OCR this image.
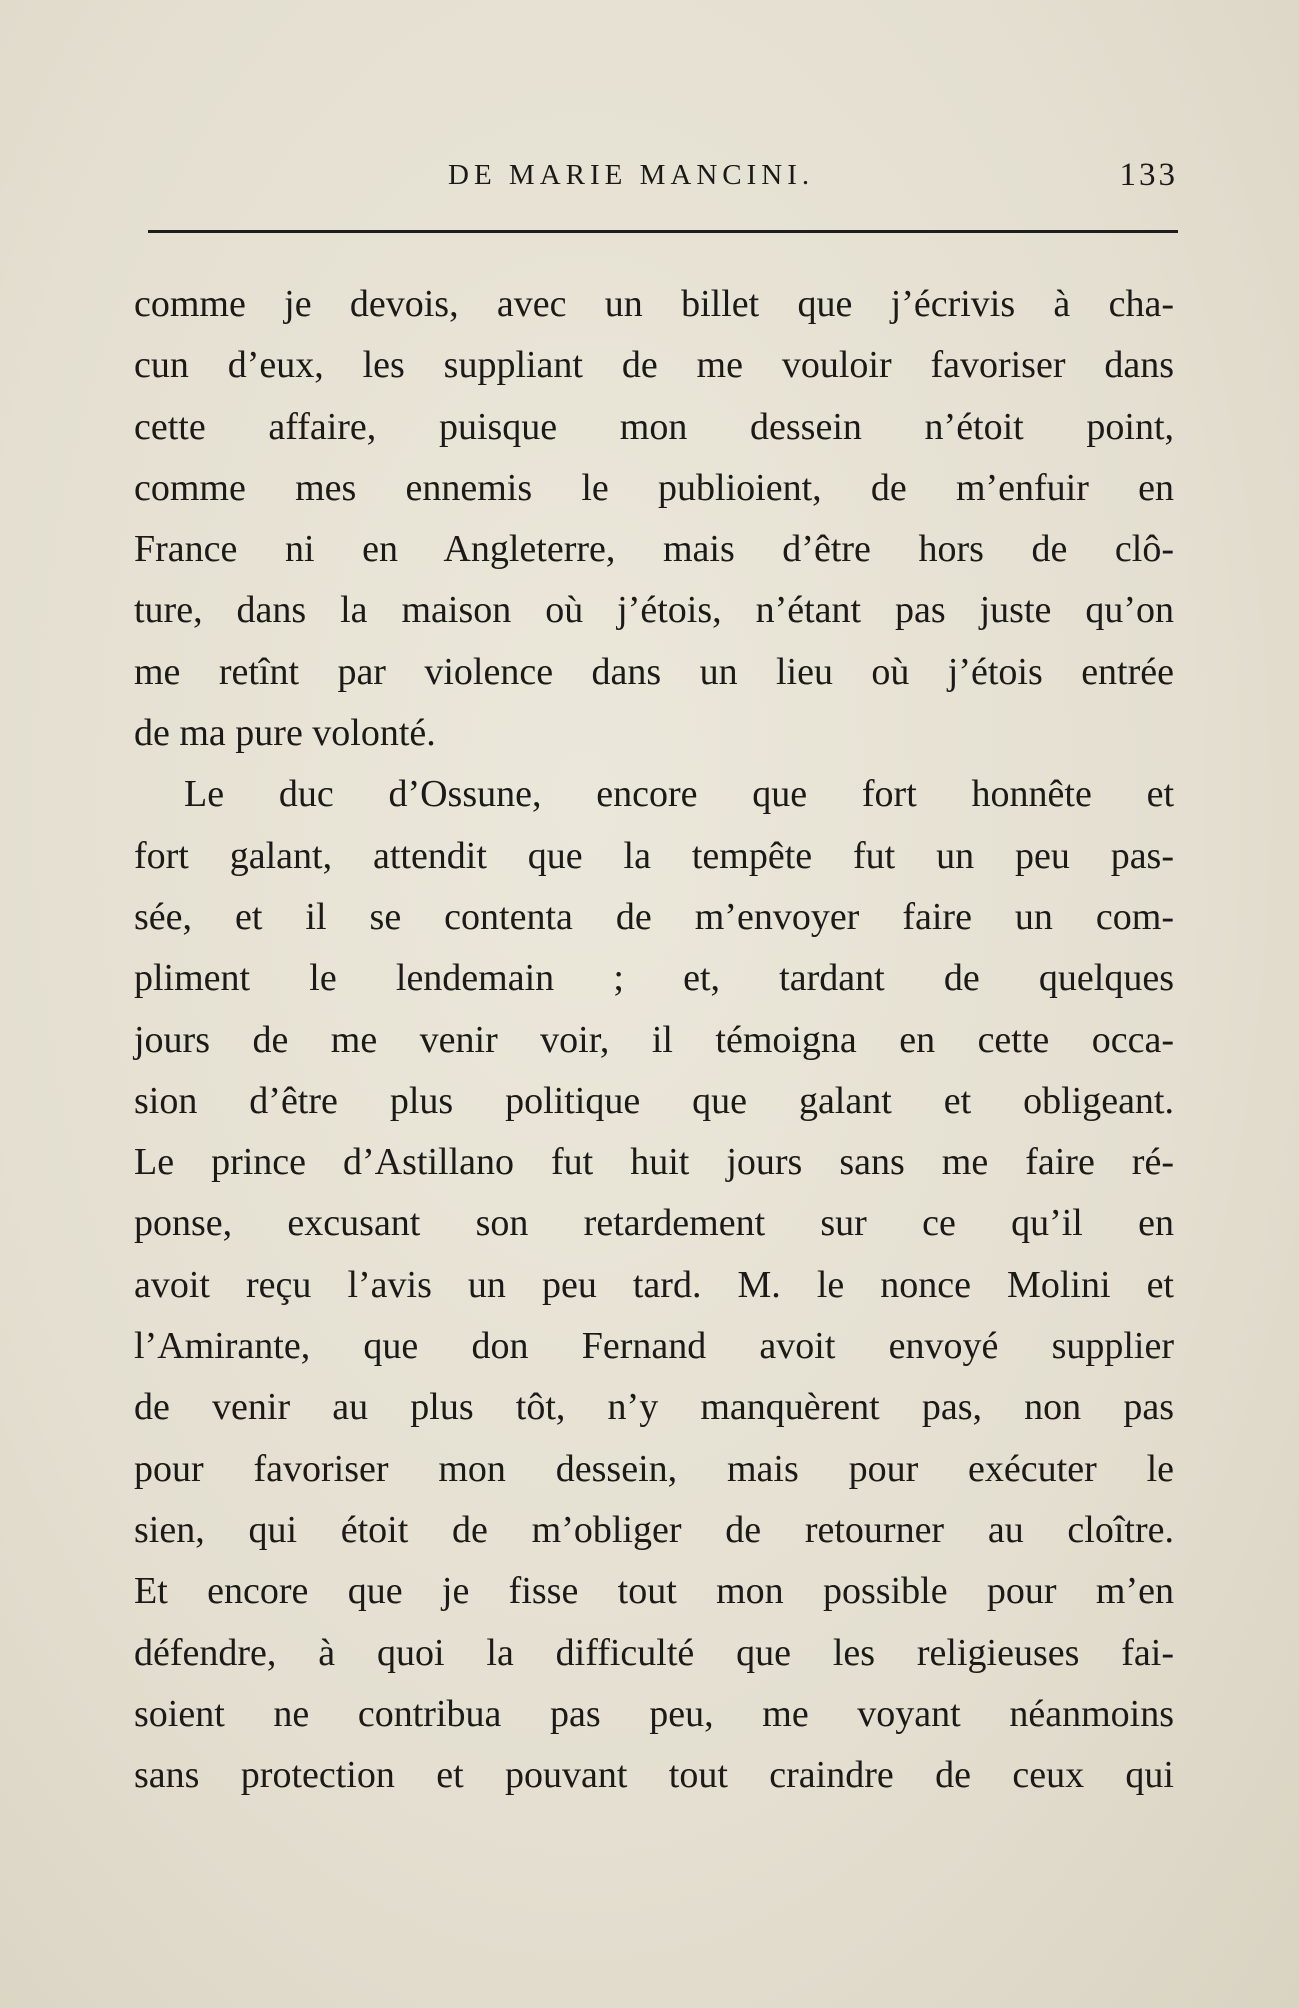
DE MARIE MANCINI.	133
comme je devois, avec un billet que j’écrivis à cha-
cun d’eux, les suppliant de me vouloir favoriser dans
cette affaire, puisque mon dessein n’étoit point,
comme mes ennemis le publioient, de m’enfuir en
France ni en Angleterre, mais d’être hors de clô-
ture, dans la maison où j’étois, n’étant pas juste qu’on
me retînt par violence dans un lieu où j’étois entrée
de ma pure volonté.
Le duc d’Ossune, encore que fort honnête et
fort galant, attendit que la tempête fut un peu pas-
sée, et il se contenta de m’envoyer faire un com-
pliment le lendemain ; et, tardant de quelques
jours de me venir voir, il témoigna en cette occa-
sion d’être plus politique que galant et obligeant.
Le prince d’Astillano fut huit jours sans me faire ré-
ponse, excusant son retardement sur ce qu’il en
avoit reçu l’avis un peu tard. M. le nonce Molini et
l’Amirante, que don Fernand avoit envoyé supplier
de venir au plus tôt, n’y manquèrent pas, non pas
pour favoriser mon dessein, mais pour exécuter le
sien, qui étoit de m’obliger de retourner au cloître.
Et encore que je fisse tout mon possible pour m’en
défendre, à quoi la difficulté que les religieuses fai-
soient ne contribua pas peu, me voyant néanmoins
sans protection et pouvant tout craindre de ceux qui
